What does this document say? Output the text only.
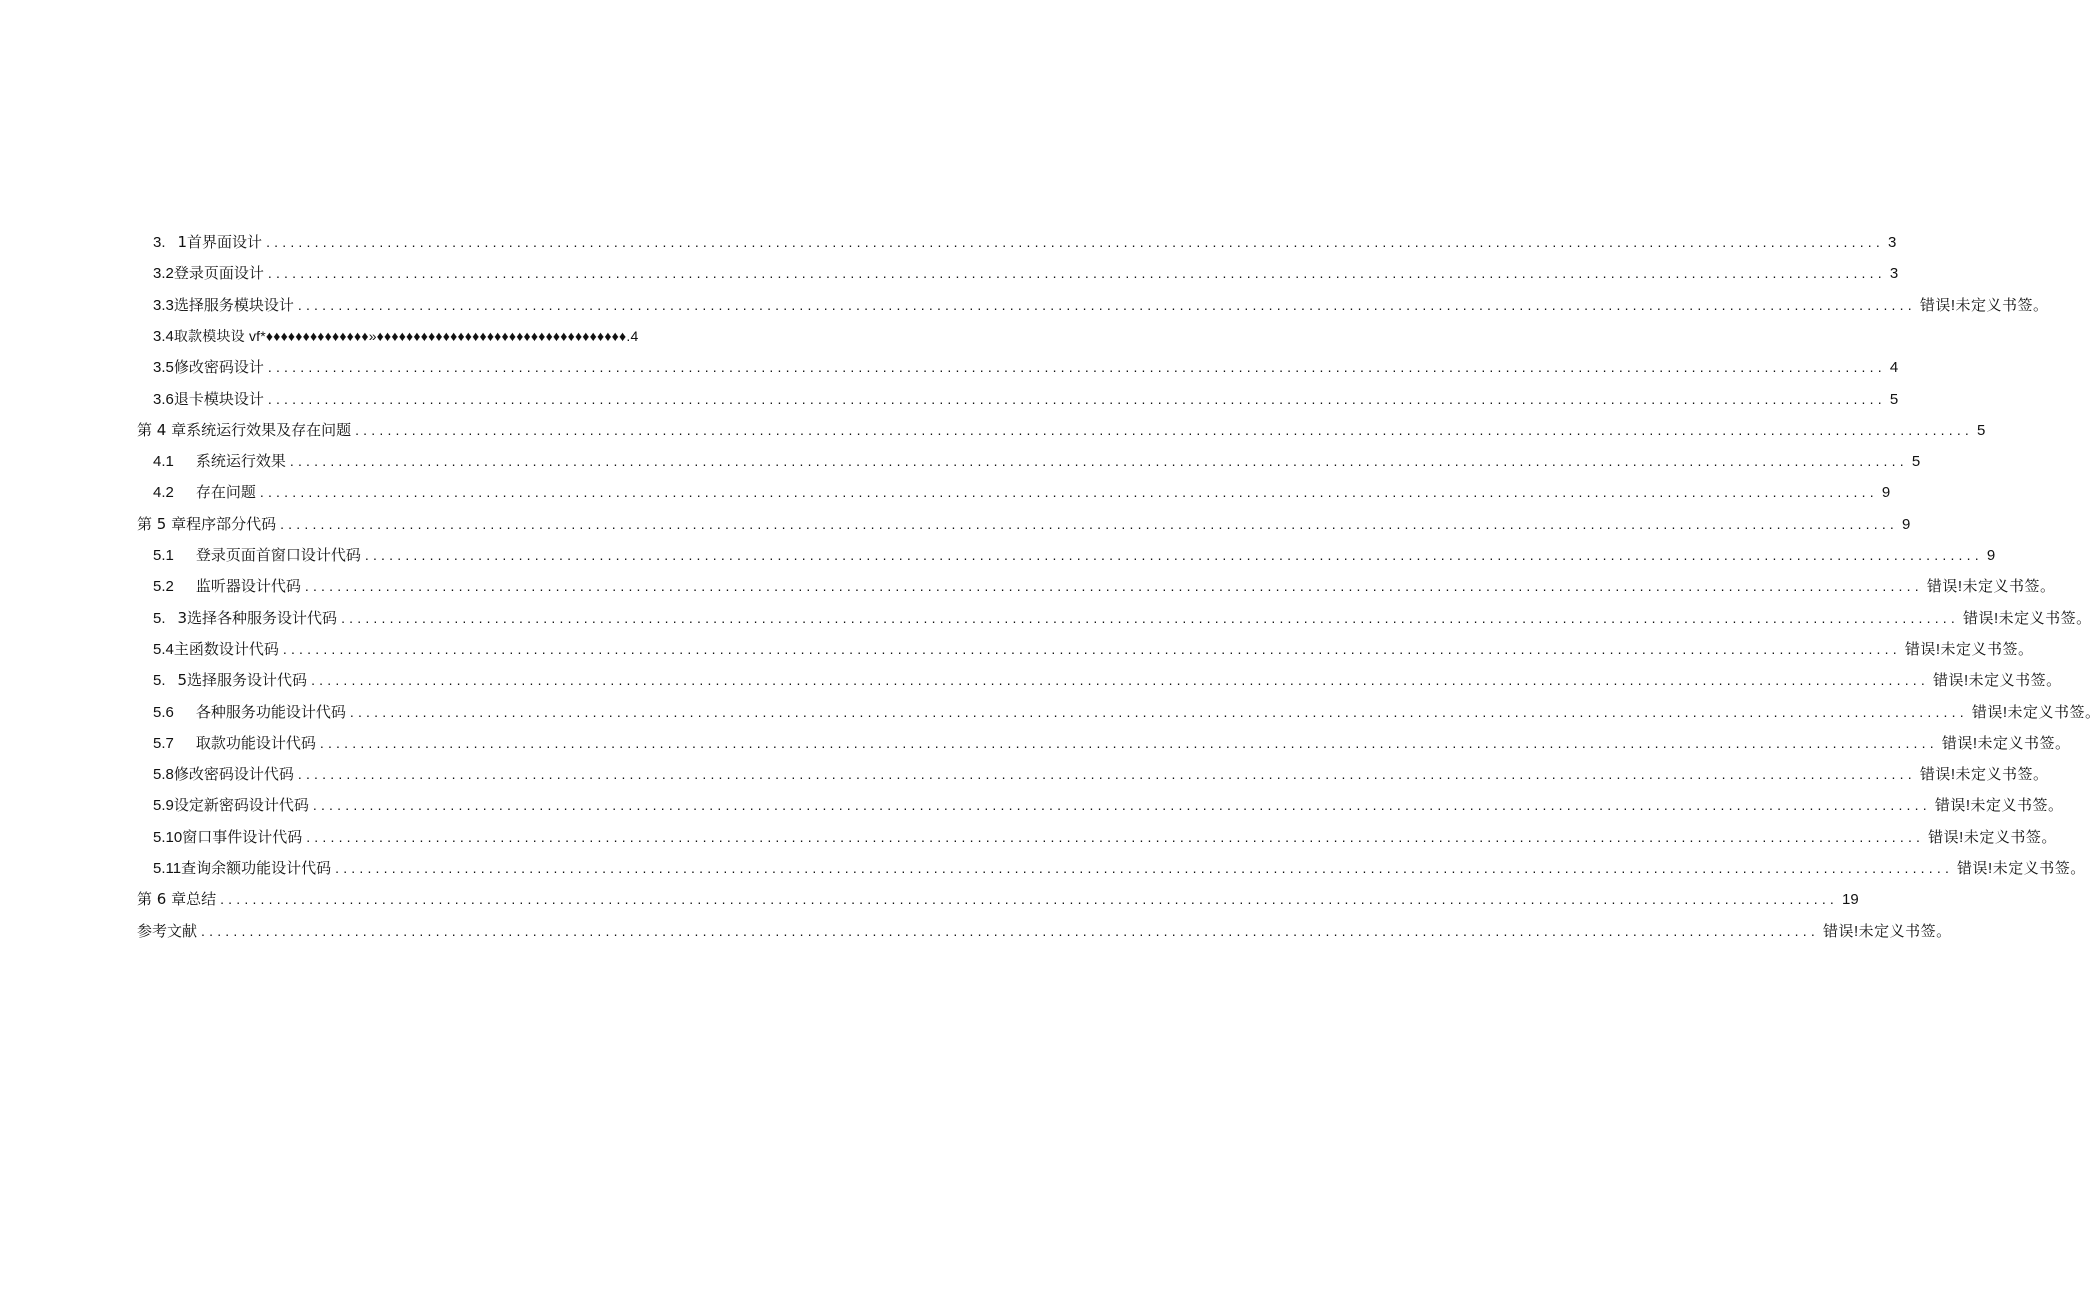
3. 1首界面设计 ........................................................................................................................................................................................................ 3
3.2 登录页面设计 ........................................................................................................................................................................................................ 3
3.3 选择服务模块设计 ........................................................................................................................................................................................................ 错误!未定义书签。
3.4 取款模块设 vf*♦♦♦♦♦♦♦♦♦♦♦♦♦♦»♦♦♦♦♦♦♦♦♦♦♦♦♦♦♦♦♦♦♦♦♦♦♦♦♦♦♦♦♦♦♦♦♦♦.4
3.5 修改密码设计 ........................................................................................................................................................................................................ 4
3.6 退卡模块设计 ........................................................................................................................................................................................................ 5
第 4 章系统运行效果及存在问题 ........................................................................................................................................................................................................ 5
4.1 系统运行效果 ........................................................................................................................................................................................................ 5
4.2 存在问题 ........................................................................................................................................................................................................ 9
第 5 章程序部分代码 ........................................................................................................................................................................................................ 9
5.1 登录页面首窗口设计代码 ........................................................................................................................................................................................................ 9
5.2 监听器设计代码 ........................................................................................................................................................................................................ 错误!未定义书签。
5. 3选择各种服务设计代码 ........................................................................................................................................................................................................ 错误!未定义书签。
5.4 主函数设计代码 ........................................................................................................................................................................................................ 错误!未定义书签。
5. 5选择服务设计代码 ........................................................................................................................................................................................................ 错误!未定义书签。
5.6 各种服务功能设计代码 ........................................................................................................................................................................................................ 错误!未定义书签。
5.7 取款功能设计代码 ........................................................................................................................................................................................................ 错误!未定义书签。
5.8 修改密码设计代码 ........................................................................................................................................................................................................ 错误!未定义书签。
5.9 设定新密码设计代码 ........................................................................................................................................................................................................ 错误!未定义书签。
5.10 窗口事件设计代码 ........................................................................................................................................................................................................ 错误!未定义书签。
5.11 查询余额功能设计代码 ........................................................................................................................................................................................................ 错误!未定义书签。
第 6 章总结 ........................................................................................................................................................................................................ 19
参考文献 ........................................................................................................................................................................................................ 错误!未定义书签。
